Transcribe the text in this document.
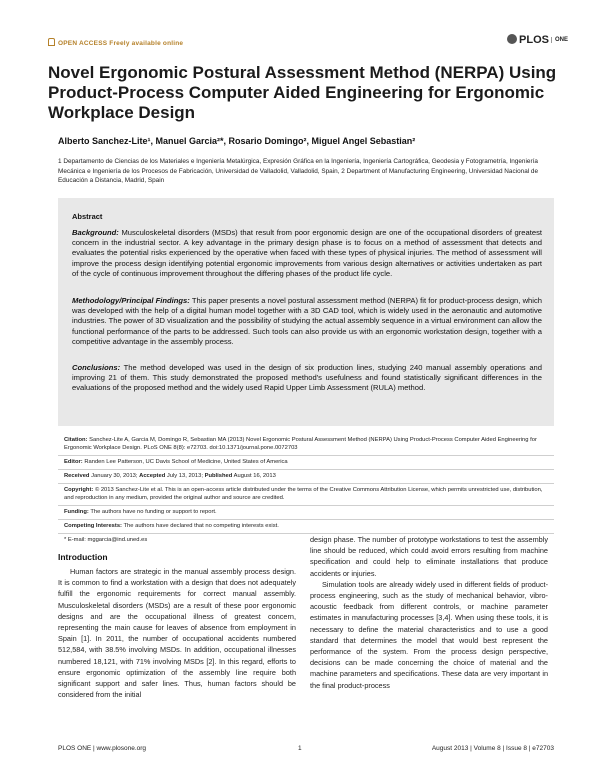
OPEN ACCESS Freely available online	PLOS ONE
Novel Ergonomic Postural Assessment Method (NERPA) Using Product-Process Computer Aided Engineering for Ergonomic Workplace Design
Alberto Sanchez-Lite¹, Manuel Garcia²*, Rosario Domingo², Miguel Angel Sebastian²
1 Departamento de Ciencias de los Materiales e Ingeniería Metalúrgica, Expresión Gráfica en la Ingeniería, Ingeniería Cartográfica, Geodesia y Fotogrametría, Ingeniería Mecánica e Ingeniería de los Procesos de Fabricación, Universidad de Valladolid, Valladolid, Spain, 2 Department of Manufacturing Engineering, Universidad Nacional de Educación a Distancia, Madrid, Spain
Abstract
Background: Musculoskeletal disorders (MSDs) that result from poor ergonomic design are one of the occupational disorders of greatest concern in the industrial sector. A key advantage in the primary design phase is to focus on a method of assessment that detects and evaluates the potential risks experienced by the operative when faced with these types of physical injuries. The method of assessment will improve the process design identifying potential ergonomic improvements from various design alternatives or activities undertaken as part of the cycle of continuous improvement throughout the differing phases of the product life cycle.
Methodology/Principal Findings: This paper presents a novel postural assessment method (NERPA) fit for product-process design, which was developed with the help of a digital human model together with a 3D CAD tool, which is widely used in the aeronautic and automotive industries. The power of 3D visualization and the possibility of studying the actual assembly sequence in a virtual environment can allow the functional performance of the parts to be addressed. Such tools can also provide us with an ergonomic workstation design, together with a competitive advantage in the assembly process.
Conclusions: The method developed was used in the design of six production lines, studying 240 manual assembly operations and improving 21 of them. This study demonstrated the proposed method's usefulness and found statistically significant differences in the evaluations of the proposed method and the widely used Rapid Upper Limb Assessment (RULA) method.
Citation: Sanchez-Lite A, Garcia M, Domingo R, Sebastian MA (2013) Novel Ergonomic Postural Assessment Method (NERPA) Using Product-Process Computer Aided Engineering for Ergonomic Workplace Design. PLoS ONE 8(8): e72703. doi:10.1371/journal.pone.0072703
Editor: Randen Lee Patterson, UC Davis School of Medicine, United States of America
Received January 30, 2013; Accepted July 13, 2013; Published August 16, 2013
Copyright: © 2013 Sanchez-Lite et al. This is an open-access article distributed under the terms of the Creative Commons Attribution License, which permits unrestricted use, distribution, and reproduction in any medium, provided the original author and source are credited.
Funding: The authors have no funding or support to report.
Competing Interests: The authors have declared that no competing interests exist.
* E-mail: mggarcia@ind.uned.es
Introduction

Human factors are strategic in the manual assembly process design. It is common to find a workstation with a design that does not adequately fulfill the ergonomic requirements for correct manual assembly. Musculoskeletal disorders (MSDs) are a result of these poor ergonomic designs and are the occupational illness of greatest concern, representing the main cause for leaves of absence from employment in Spain [1]. In 2011, the number of occupational accidents numbered 512,584, with 38.5% involving MSDs. In addition, occupational illnesses numbered 18,121, with 71% involving MSDs [2]. In this regard, efforts to ensure ergonomic optimization of the assembly line require both significant support and safer lines. Thus, human factors should be considered from the initial

design phase. The number of prototype workstations to test the assembly line should be reduced, which could avoid errors resulting from machine specification and could help to eliminate installations that produce accidents or injuries.

Simulation tools are already widely used in different fields of product-process engineering, such as the study of mechanical behavior, vibro-acoustic feedback from different controls, or machine parameter estimates in manufacturing processes [3,4]. When using these tools, it is necessary to define the material characteristics and to use a good standard that determines the model that would best represent the performance of the system. From the process design perspective, decisions can be made concerning the choice of material and the machine parameters and specifications. These data are very important in the final product-process

PLOS ONE | www.plosone.org	1	August 2013 | Volume 8 | Issue 8 | e72703
